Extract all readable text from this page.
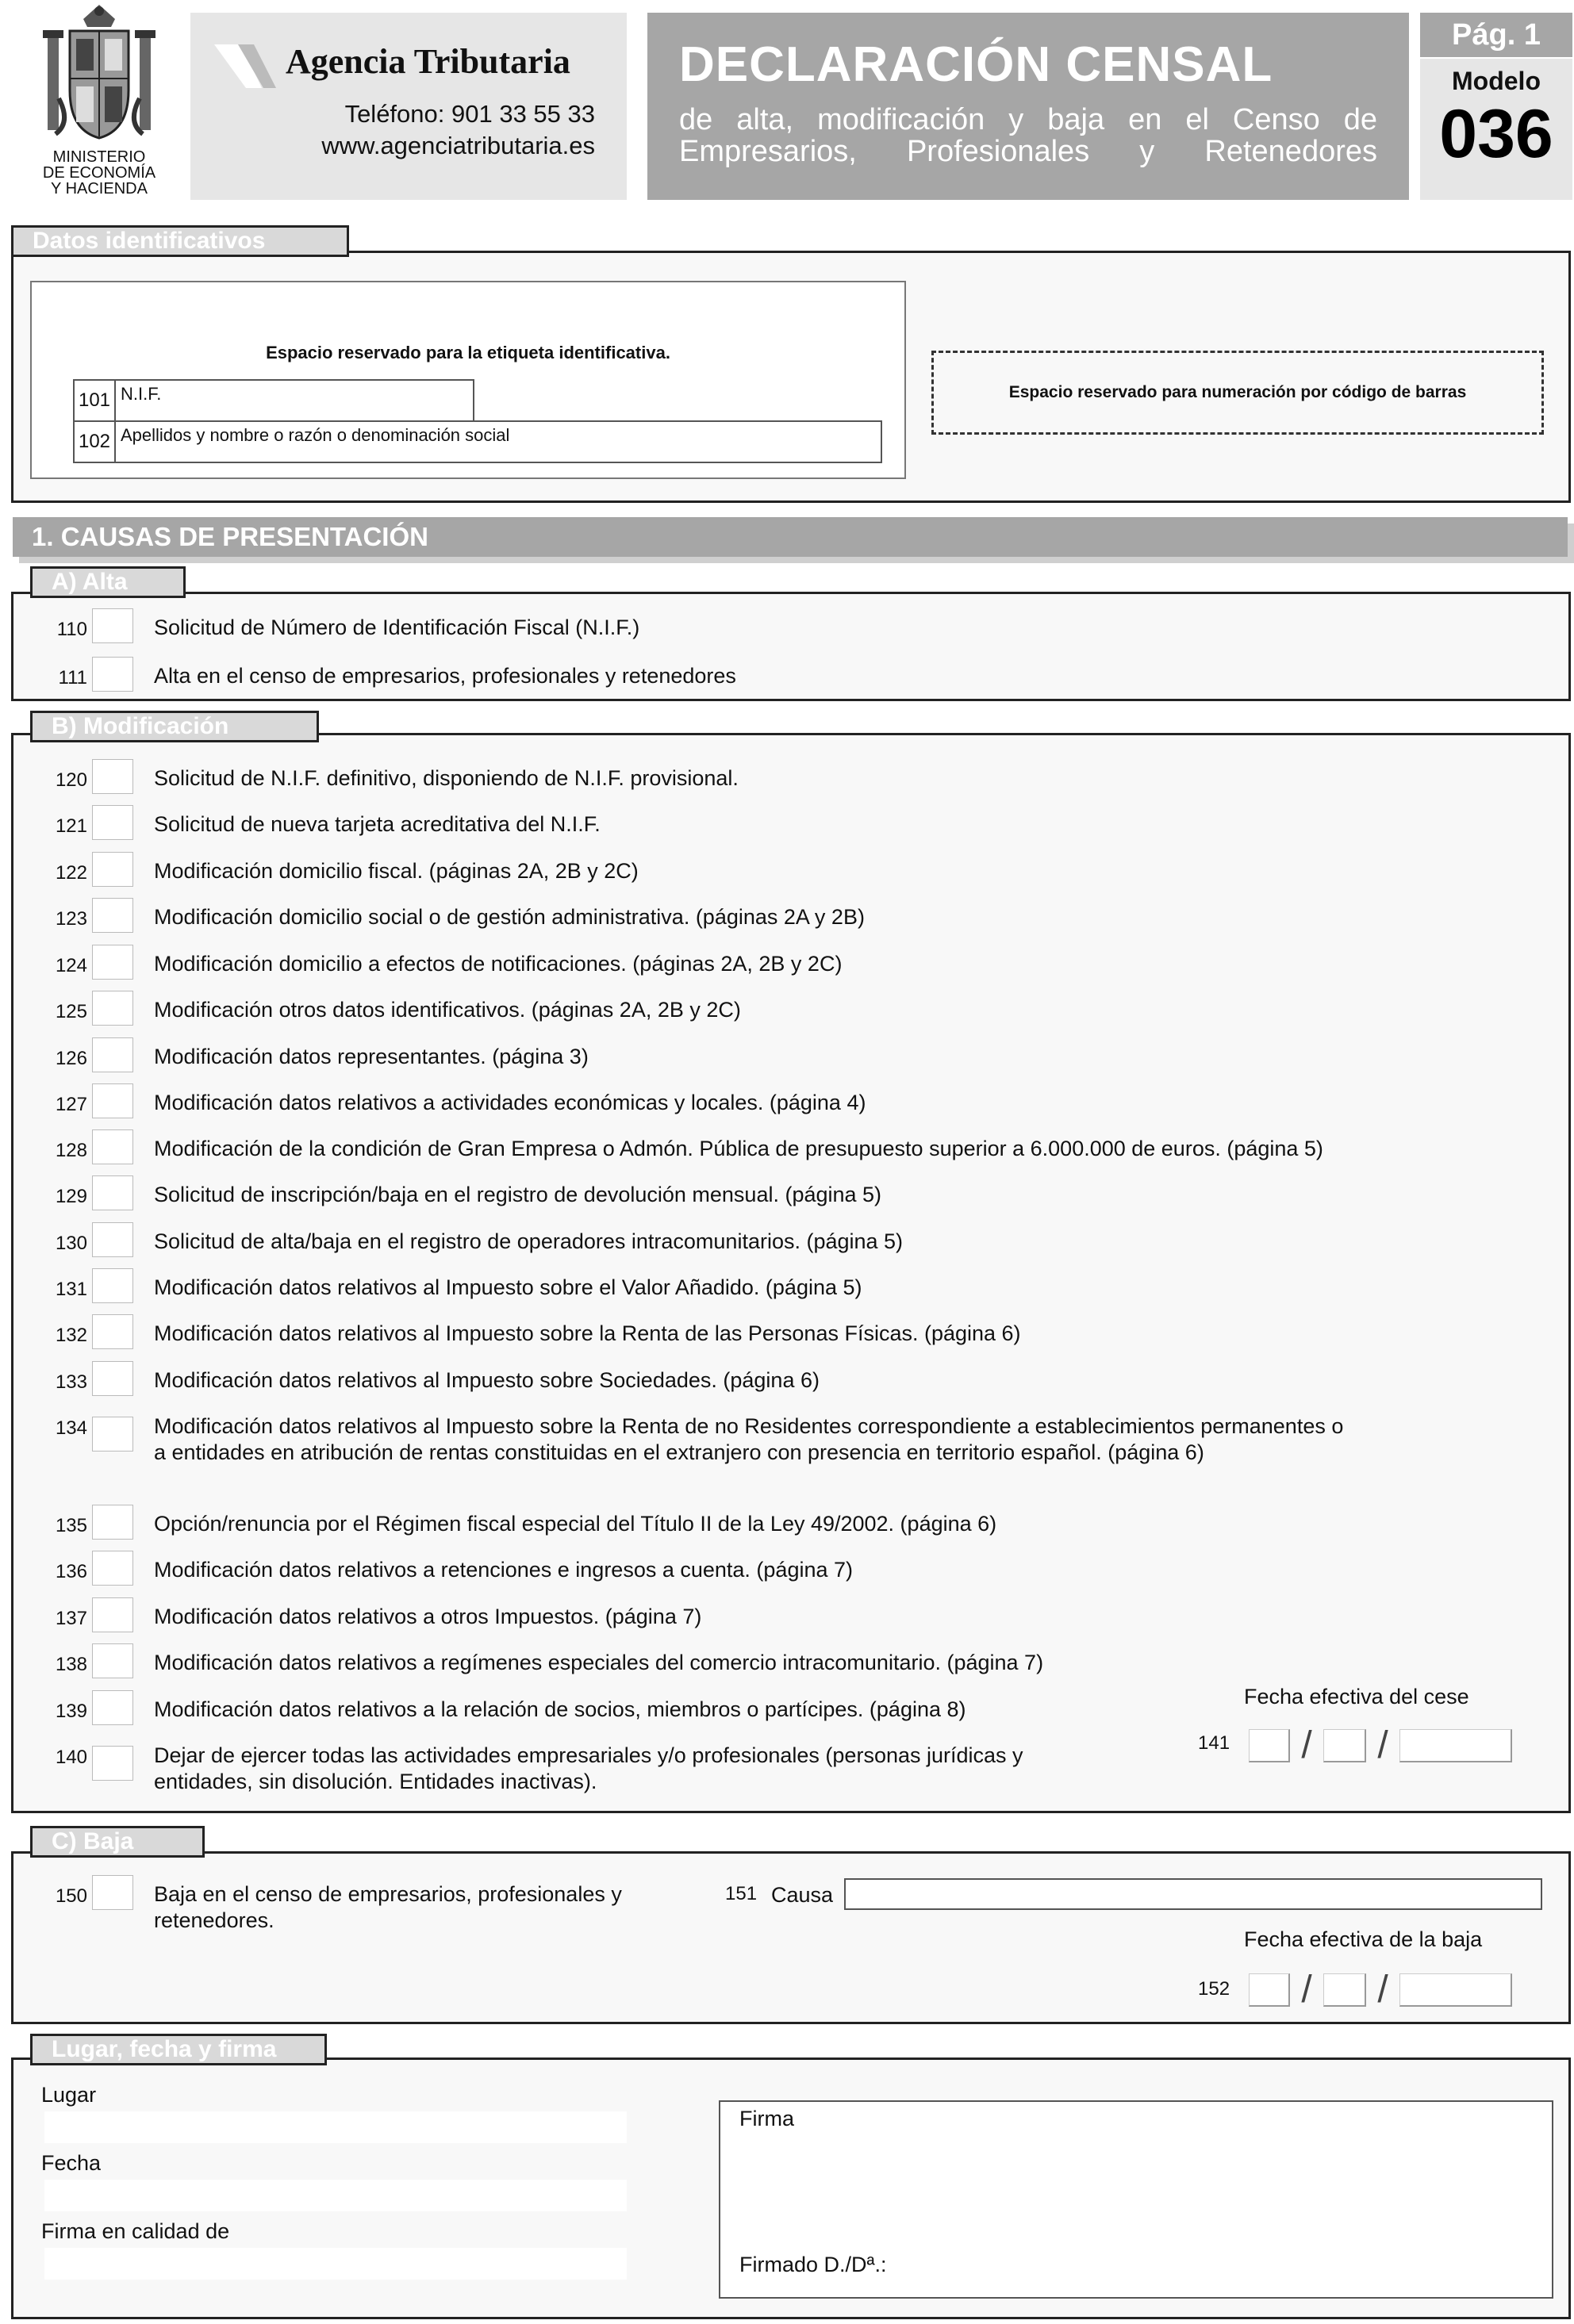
MINISTERIO
DE ECONOMÍA
Y HACIENDA
Agencia Tributaria
Teléfono: 901 33 55 33
www.agenciatributaria.es
DECLARACIÓN CENSAL
de alta, modificación y baja en el Censo de Empresarios, Profesionales y Retenedores
Pág. 1
Modelo
036
Datos identificativos
Espacio reservado para la etiqueta identificativa.
101 N.I.F.
102 Apellidos y nombre o razón o denominación social
Espacio reservado para numeración por código de barras
1. CAUSAS DE PRESENTACIÓN
A) Alta
110	Solicitud de Número de Identificación Fiscal (N.I.F.)
111	Alta en el censo de empresarios, profesionales y retenedores
B) Modificación
120	Solicitud de N.I.F. definitivo, disponiendo de N.I.F. provisional.
121	Solicitud de nueva tarjeta acreditativa del N.I.F.
122	Modificación domicilio fiscal. (páginas 2A, 2B y 2C)
123	Modificación domicilio social o de gestión administrativa. (páginas 2A y 2B)
124	Modificación domicilio a efectos de notificaciones. (páginas 2A, 2B y 2C)
125	Modificación otros datos identificativos. (páginas 2A, 2B y 2C)
126	Modificación datos representantes. (página 3)
127	Modificación datos relativos a actividades económicas y locales. (página 4)
128	Modificación de la condición de Gran Empresa o Admón. Pública de presupuesto superior a 6.000.000 de euros. (página 5)
129	Solicitud de inscripción/baja en el registro de devolución mensual. (página 5)
130	Solicitud de alta/baja en el registro de operadores intracomunitarios. (página 5)
131	Modificación datos relativos al Impuesto sobre el Valor Añadido. (página 5)
132	Modificación datos relativos al Impuesto sobre la Renta de las Personas Físicas. (página 6)
133	Modificación datos relativos al Impuesto sobre Sociedades. (página 6)
134	Modificación datos relativos al Impuesto sobre la Renta de no Residentes correspondiente a establecimientos permanentes o a entidades en atribución de rentas constituidas en el extranjero con presencia en territorio español. (página 6)
135	Opción/renuncia por el Régimen fiscal especial del Título II de la Ley 49/2002. (página 6)
136	Modificación datos relativos a retenciones e ingresos a cuenta. (página 7)
137	Modificación datos relativos a otros Impuestos. (página 7)
138	Modificación datos relativos a regímenes especiales del comercio intracomunitario. (página 7)
139	Modificación datos relativos a la relación de socios, miembros o partícipes. (página 8)
140	Dejar de ejercer todas las actividades empresariales y/o profesionales (personas jurídicas y entidades, sin disolución. Entidades inactivas).
Fecha efectiva del cese
141 / /
C) Baja
150	Baja en el censo de empresarios, profesionales y retenedores.
151 Causa
Fecha efectiva de la baja
152 / /
Lugar, fecha y firma
Lugar
Fecha
Firma en calidad de
Firma
Firmado D./Dª.:
